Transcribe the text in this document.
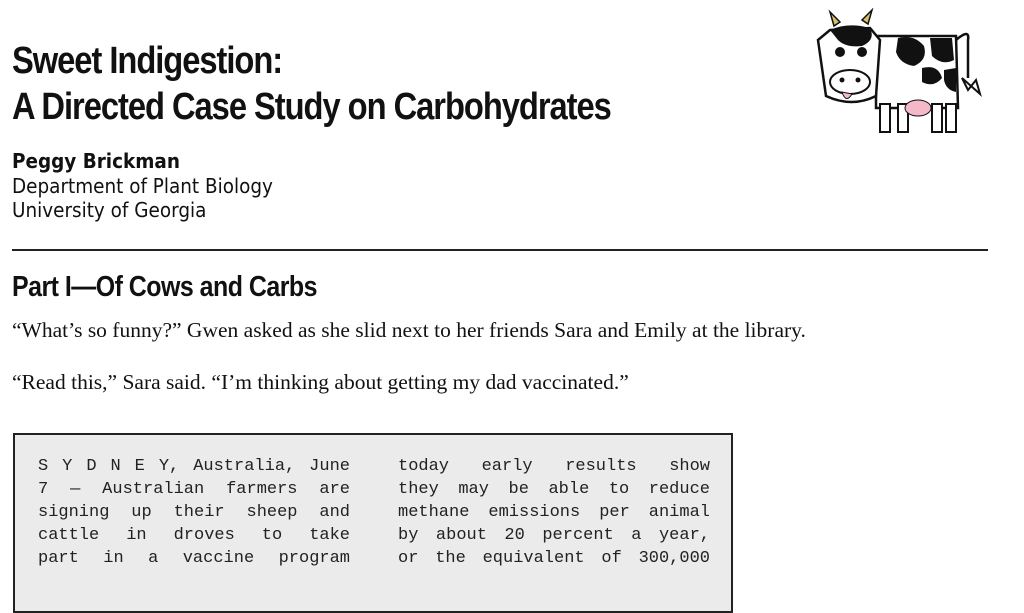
Sweet Indigestion:
A Directed Case Study on Carbohydrates
Peggy Brickman
Department of Plant Biology
University of Georgia
Part I—Of Cows and Carbs

“What’s so funny?” Gwen asked as she slid next to her friends Sara and Emily at the library.

“Read this,” Sara said. “I’m thinking about getting my dad vaccinated.”

S Y D N E Y, Australia, June
7 — Australian farmers are
signing up their sheep and
cattle in droves to take
part in a vaccine program
today early results show
they may be able to reduce
methane emissions per animal
by about 20 percent a year,
or the equivalent of 300,000
